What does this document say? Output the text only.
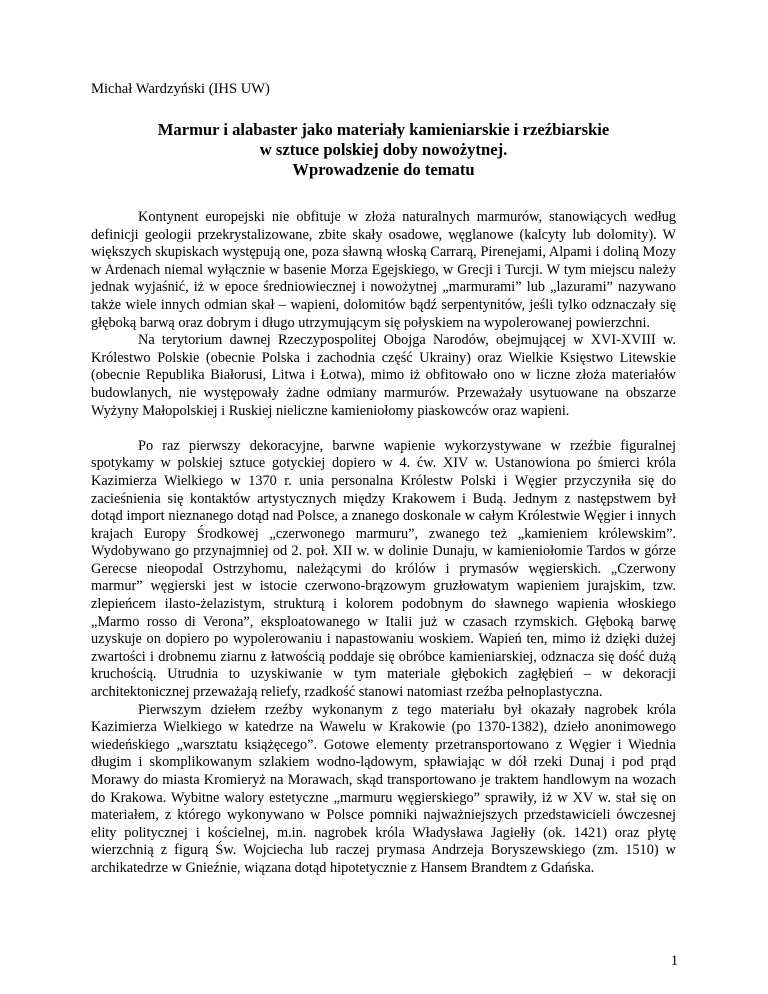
Michał Wardzyński (IHS UW)
Marmur i alabaster jako materiały kamieniarskie i rzeźbiarskie
w sztuce polskiej doby nowożytnej.
Wprowadzenie do tematu

Kontynent europejski nie obfituje w złoża naturalnych marmurów, stanowiących według definicji geologii przekrystalizowane, zbite skały osadowe, węglanowe (kalcyty lub dolomity). W większych skupiskach występują one, poza sławną włoską Carrarą, Pirenejami, Alpami i doliną Mozy w Ardenach niemal wyłącznie w basenie Morza Egejskiego, w Grecji i Turcji. W tym miejscu należy jednak wyjaśnić, iż w epoce średniowiecznej i nowożytnej „marmurami” lub „lazurami” nazywano także wiele innych odmian skał – wapieni, dolomitów bądź serpentynitów, jeśli tylko odznaczały się głęboką barwą oraz dobrym i długo utrzymującym się połyskiem na wypolerowanej powierzchni.

Na terytorium dawnej Rzeczypospolitej Obojga Narodów, obejmującej w XVI-XVIII w. Królestwo Polskie (obecnie Polska i zachodnia część Ukrainy) oraz Wielkie Księstwo Litewskie (obecnie Republika Białorusi, Litwa i Łotwa), mimo iż obfitowało ono w liczne złoża materiałów budowlanych, nie występowały żadne odmiany marmurów. Przeważały usytuowane na obszarze Wyżyny Małopolskiej i Ruskiej nieliczne kamieniołomy piaskowców oraz wapieni.

Po raz pierwszy dekoracyjne, barwne wapienie wykorzystywane w rzeźbie figuralnej spotykamy w polskiej sztuce gotyckiej dopiero w 4. ćw. XIV w. Ustanowiona po śmierci króla Kazimierza Wielkiego w 1370 r. unia personalna Królestw Polski i Węgier przyczyniła się do zacieśnienia się kontaktów artystycznych między Krakowem i Budą. Jednym z następstwem był dotąd import nieznanego dotąd nad Polsce, a znanego doskonale w całym Królestwie Węgier i innych krajach Europy Środkowej „czerwonego marmuru”, zwanego też „kamieniem królewskim”. Wydobywano go przynajmniej od 2. poł. XII w. w dolinie Dunaju, w kamieniołomie Tardos w górze Gerecse nieopodal Ostrzyhomu, należącymi do królów i prymasów węgierskich. „Czerwony marmur” węgierski jest w istocie czerwono-brązowym gruzłowatym wapieniem jurajskim, tzw. zlepieńcem ilasto-żelazistym, strukturą i kolorem podobnym do sławnego wapienia włoskiego „Marmo rosso di Verona”, eksploatowanego w Italii już w czasach rzymskich. Głęboką barwę uzyskuje on dopiero po wypolerowaniu i napastowaniu woskiem. Wapień ten, mimo iż dzięki dużej zwartości i drobnemu ziarnu z łatwością poddaje się obróbce kamieniarskiej, odznacza się dość dużą kruchością. Utrudnia to uzyskiwanie w tym materiale głębokich zagłębień – w dekoracji architektonicznej przeważają reliefy, rzadkość stanowi natomiast rzeźba pełnoplastyczna.

Pierwszym dziełem rzeźby wykonanym z tego materiału był okazały nagrobek króla Kazimierza Wielkiego w katedrze na Wawelu w Krakowie (po 1370-1382), dzieło anonimowego wiedeńskiego „warsztatu książęcego”. Gotowe elementy przetransportowano z Węgier i Wiednia długim i skomplikowanym szlakiem wodno-lądowym, spławiając w dół rzeki Dunaj i pod prąd Morawy do miasta Kromieryż na Morawach, skąd transportowano je traktem handlowym na wozach do Krakowa. Wybitne walory estetyczne „marmuru węgierskiego” sprawiły, iż w XV w. stał się on materiałem, z którego wykonywano w Polsce pomniki najważniejszych przedstawicieli ówczesnej elity politycznej i kościelnej, m.in. nagrobek króla Władysława Jagiełły (ok. 1421) oraz płytę wierzchnią z figurą Św. Wojciecha lub raczej prymasa Andrzeja Boryszewskiego (zm. 1510) w archikatedrze w Gnieźnie, wiązana dotąd hipotetycznie z Hansem Brandtem z Gdańska.

1
